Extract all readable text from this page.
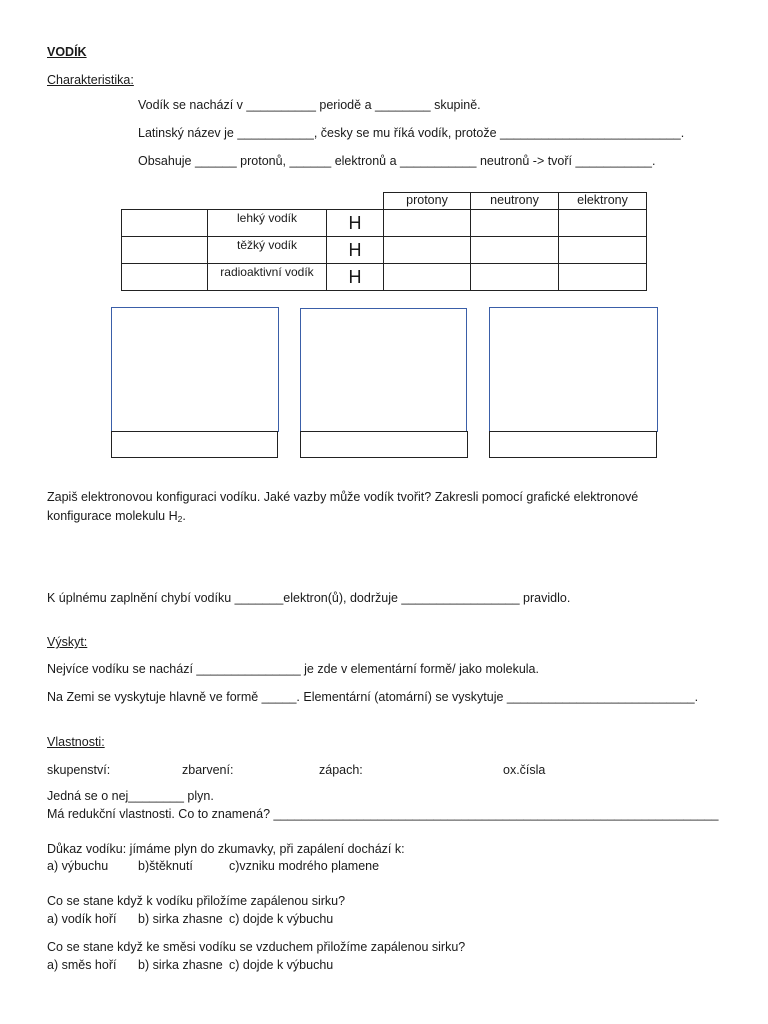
VODÍK
Charakteristika:
Vodík se nachází v __________ periodě a ________ skupině.
Latinský název je ___________, česky se mu říká vodík, protože __________________________.
Obsahuje ______ protonů, ______ elektronů a ___________ neutronů -> tvoří ___________.
			protony	neutrony	elektrony
	lehký vodík	H			
	těžký vodík	H			
	radioaktivní vodík	H			
Zapiš elektronovou konfiguraci vodíku. Jaké vazby může vodík tvořit? Zakresli pomocí grafické elektronové
konfigurace molekulu $H_2$.
K úplnému zaplnění chybí vodíku _______elektron(ů), dodržuje _________________ pravidlo.
Výskyt:
Nejvíce vodíku se nachází _______________ je zde v elementární formě/ jako molekula.
Na Zemi se vyskytuje hlavně ve formě _____. Elementární (atomární) se vyskytuje ___________________________.
Vlastnosti:
skupenství:	zbarvení:	zápach:	ox.čísla
Jedná se o nej________ plyn.
Má redukční vlastnosti. Co to znamená? ________________________________________________________________
Důkaz vodíku: jímáme plyn do zkumavky, při zapálení dochází k:
a) výbuchu b)štěknutí	c)vzniku modrého plamene
Co se stane když k vodíku přiložíme zapálenou sirku?
a) vodík hoří b) sirka zhasne c) dojde k výbuchu
Co se stane když ke směsi vodíku se vzduchem přiložíme zapálenou sirku?
a) směs hoří b) sirka zhasne c) dojde k výbuchu
